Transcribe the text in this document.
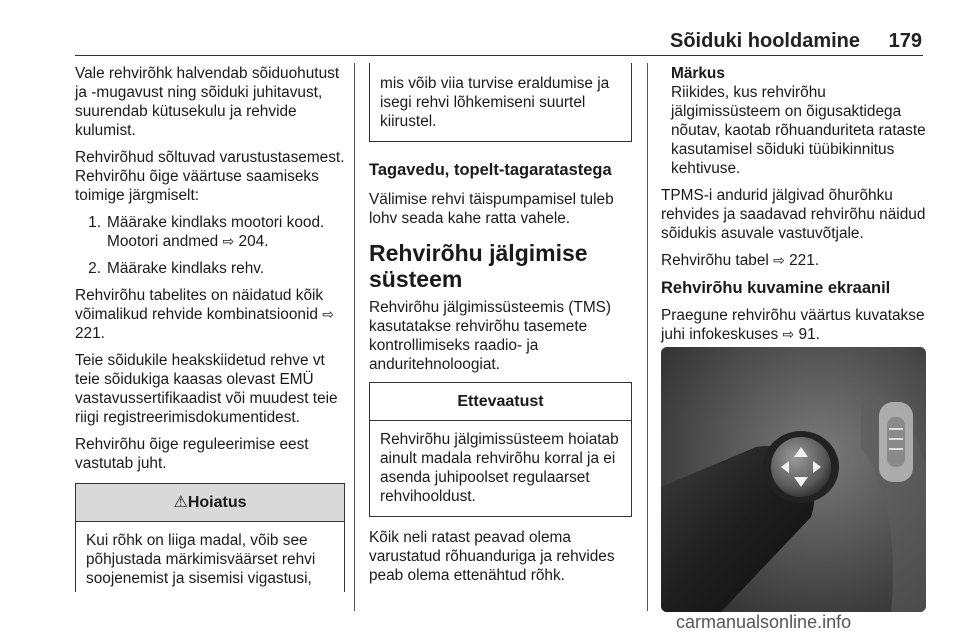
Sõiduki hooldamine 179

Vale rehvirõhk halvendab sõiduohutust ja -mugavust ning sõiduki juhitavust, suurendab kütusekulu ja rehvide kulumist.

Rehvirõhud sõltuvad varustustasemest. Rehvirõhu õige väärtuse saamiseks toimige järgmiselt:

1. Määrake kindlaks mootori kood. Mootori andmed ⇨ 204.
2. Määrake kindlaks rehv.

Rehvirõhu tabelites on näidatud kõik võimalikud rehvide kombinatsioonid ⇨ 221.

Teie sõidukile heakskiidetud rehve vt teie sõidukiga kaasas olevast EMÜ vastavussertifikaadist või muudest teie riigi registreerimisdokumentidest.

Rehvirõhu õige reguleerimise eest vastutab juht.

⚠Hoiatus
Kui rõhk on liiga madal, võib see põhjustada märkimisväärset rehvi soojenemist ja sisemisi vigastusi,
mis võib viia turvise eraldumise ja isegi rehvi lõhkemiseni suurtel kiirustel.
Tagavedu, topelt-tagaratastega

Välimise rehvi täispumpamisel tuleb lohv seada kahe ratta vahele.

Rehvirõhu jälgimise süsteem

Rehvirõhu jälgimissüsteemis (TMS) kasutatakse rehvirõhu tasemete kontrollimiseks raadio- ja anduritehnoloogiat.

Ettevaatust
Rehvirõhu jälgimissüsteem hoiatab ainult madala rehvirõhu korral ja ei asenda juhipoolset regulaarset rehvihooldust.

Kõik neli ratast peavad olema varustatud rõhuanduriga ja rehvides peab olema ettenähtud rõhk.

Märkus
Riikides, kus rehvirõhu jälgimissüsteem on õigusaktidega nõutav, kaotab rõhuanduriteta rataste kasutamisel sõiduki tüübikinnitus kehtivuse.

TPMS-i andurid jälgivad õhurõhku rehvides ja saadavad rehvirõhu näidud sõidukis asuvale vastuvõtjale.

Rehvirõhu tabel ⇨ 221.

Rehvirõhu kuvamine ekraanil

Praegune rehvirõhu väärtus kuvatakse juhi infokeskuses ⇨ 91.

carmanualsonline.info
